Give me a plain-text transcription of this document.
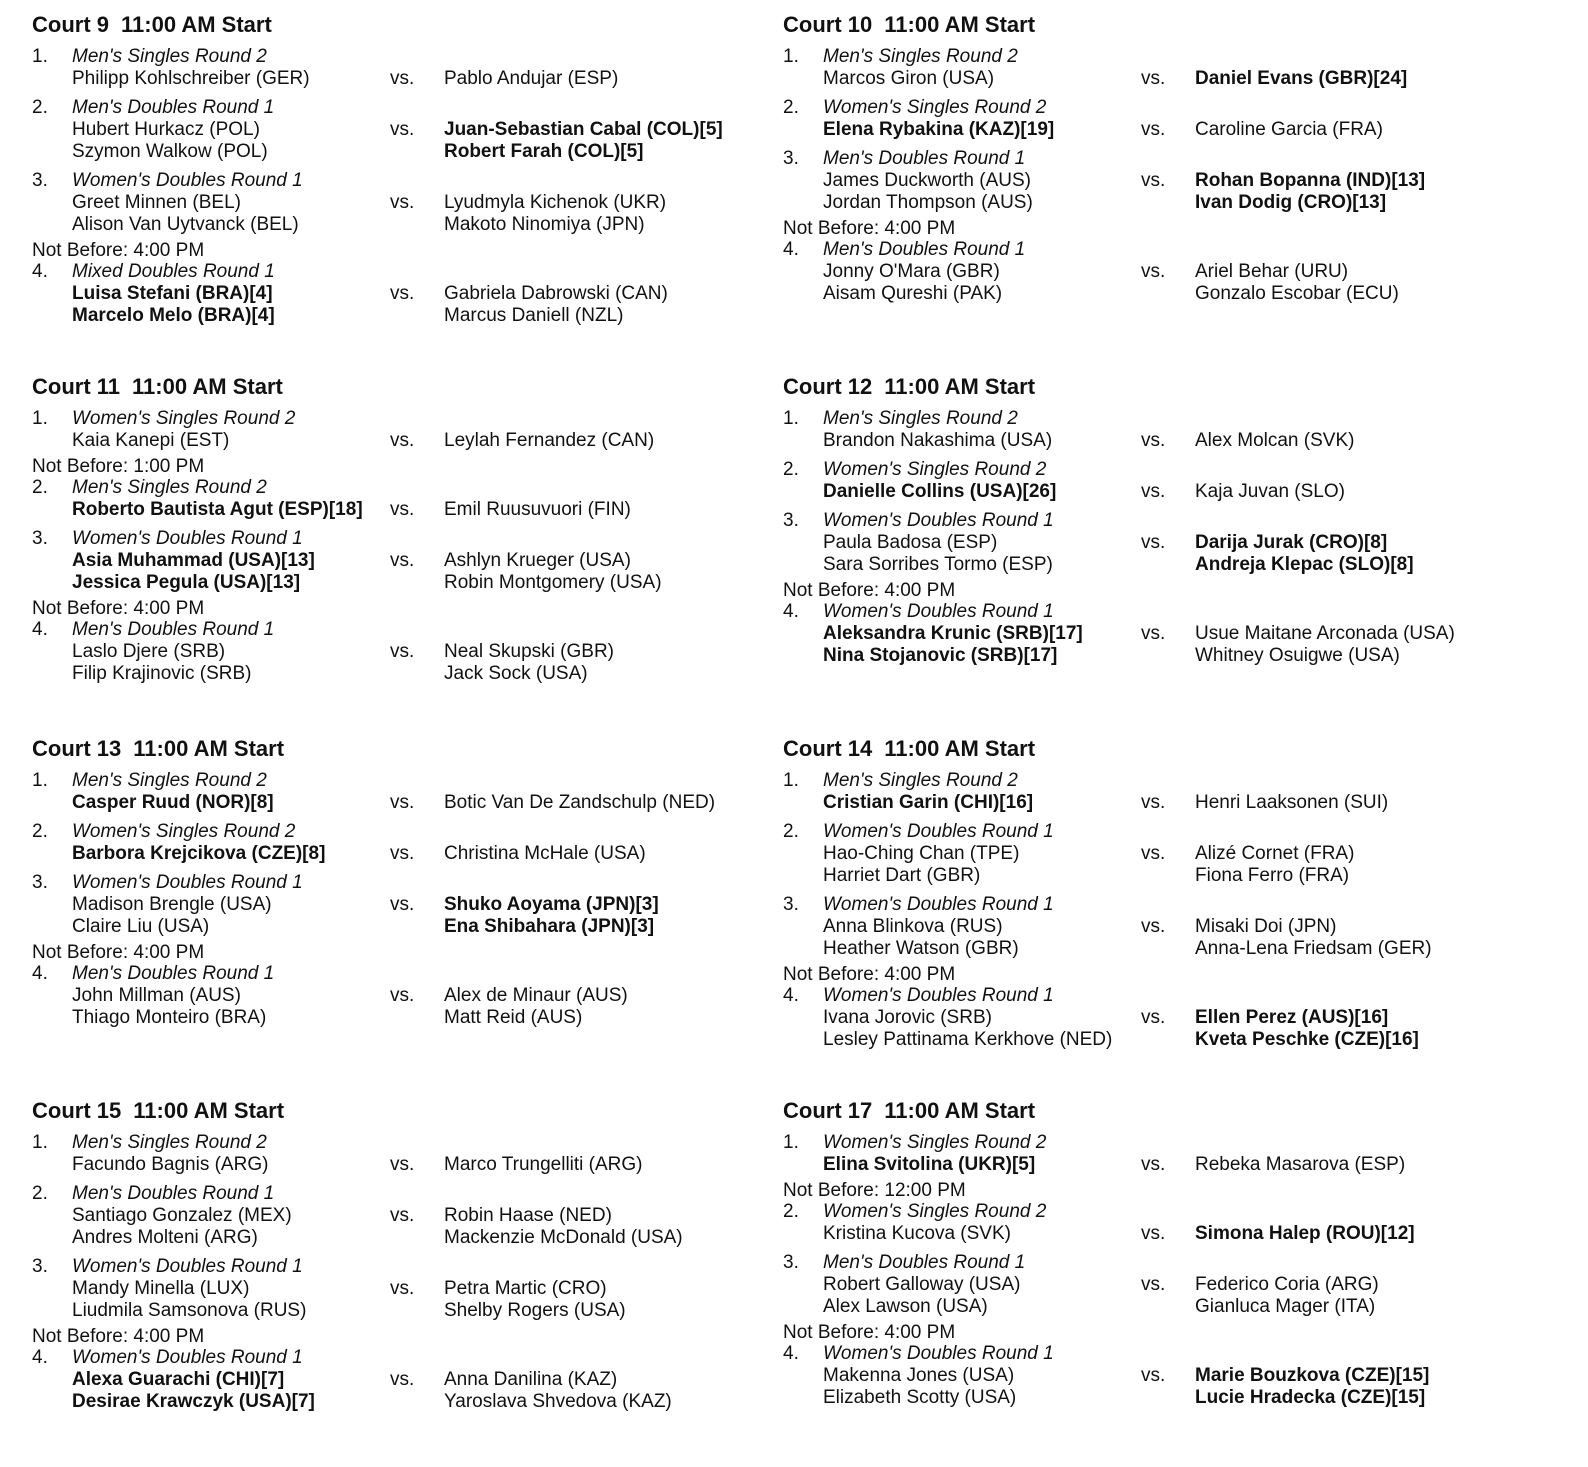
Court 9 11:00 AM Start
1. Men's Singles Round 2
Philipp Kohlschreiber (GER)	vs. Pablo Andujar (ESP)
2. Men's Doubles Round 1
Hubert Hurkacz (POL)
Szymon Walkow (POL)
vs. Juan-Sebastian Cabal (COL)[5]
Robert Farah (COL)[5]
3. Women's Doubles Round 1
Greet Minnen (BEL)
Alison Van Uytvanck (BEL)
vs. Lyudmyla Kichenok (UKR)
Makoto Ninomiya (JPN)
Not Before: 4:00 PM
4. Mixed Doubles Round 1
Luisa Stefani (BRA)[4]
Marcelo Melo (BRA)[4]
vs. Gabriela Dabrowski (CAN)
Marcus Daniell (NZL)
Court 10 11:00 AM Start
1. Men's Singles Round 2
Marcos Giron (USA)	vs. Daniel Evans (GBR)[24]
2. Women's Singles Round 2
Elena Rybakina (KAZ)[19]	vs. Caroline Garcia (FRA)
3. Men's Doubles Round 1
James Duckworth (AUS)
Jordan Thompson (AUS)
vs. Rohan Bopanna (IND)[13]
Ivan Dodig (CRO)[13]
Not Before: 4:00 PM
4. Men's Doubles Round 1
Jonny O'Mara (GBR)
Aisam Qureshi (PAK)
vs. Ariel Behar (URU)
Gonzalo Escobar (ECU)
Court 11 11:00 AM Start
1. Women's Singles Round 2
Kaia Kanepi (EST)	vs. Leylah Fernandez (CAN)
Not Before: 1:00 PM
2. Men's Singles Round 2
Roberto Bautista Agut (ESP)[18] vs. Emil Ruusuvuori (FIN)
3. Women's Doubles Round 1
Asia Muhammad (USA)[13]
Jessica Pegula (USA)[13]
vs. Ashlyn Krueger (USA)
Robin Montgomery (USA)
Not Before: 4:00 PM
4. Men's Doubles Round 1
Laslo Djere (SRB)
Filip Krajinovic (SRB)
vs. Neal Skupski (GBR)
Jack Sock (USA)
Court 12 11:00 AM Start
1. Men's Singles Round 2
Brandon Nakashima (USA)	vs. Alex Molcan (SVK)
2. Women's Singles Round 2
Danielle Collins (USA)[26]	vs. Kaja Juvan (SLO)
3. Women's Doubles Round 1
Paula Badosa (ESP)
Sara Sorribes Tormo (ESP)
vs. Darija Jurak (CRO)[8]
Andreja Klepac (SLO)[8]
Not Before: 4:00 PM
4. Women's Doubles Round 1
Aleksandra Krunic (SRB)[17]
Nina Stojanovic (SRB)[17]
vs. Usue Maitane Arconada (USA)
Whitney Osuigwe (USA)
Court 13 11:00 AM Start
1. Men's Singles Round 2
Casper Ruud (NOR)[8]	vs. Botic Van De Zandschulp (NED)
2. Women's Singles Round 2
Barbora Krejcikova (CZE)[8]	vs. Christina McHale (USA)
3. Women's Doubles Round 1
Madison Brengle (USA)
Claire Liu (USA)
vs. Shuko Aoyama (JPN)[3]
Ena Shibahara (JPN)[3]
Not Before: 4:00 PM
4. Men's Doubles Round 1
John Millman (AUS)
Thiago Monteiro (BRA)
vs. Alex de Minaur (AUS)
Matt Reid (AUS)
Court 14 11:00 AM Start
1. Men's Singles Round 2
Cristian Garin (CHI)[16]	vs. Henri Laaksonen (SUI)
2. Women's Doubles Round 1
Hao-Ching Chan (TPE)
Harriet Dart (GBR)
vs. Alizé Cornet (FRA)
Fiona Ferro (FRA)
3. Women's Doubles Round 1
Anna Blinkova (RUS)
Heather Watson (GBR)
vs. Misaki Doi (JPN)
Anna-Lena Friedsam (GER)
Not Before: 4:00 PM
4. Women's Doubles Round 1
Ivana Jorovic (SRB)
Lesley Pattinama Kerkhove (NED)
vs. Ellen Perez (AUS)[16]
Kveta Peschke (CZE)[16]
Court 15 11:00 AM Start
1. Men's Singles Round 2
Facundo Bagnis (ARG)	vs. Marco Trungelliti (ARG)
2. Men's Doubles Round 1
Santiago Gonzalez (MEX)
Andres Molteni (ARG)
vs. Robin Haase (NED)
Mackenzie McDonald (USA)
3. Women's Doubles Round 1
Mandy Minella (LUX)
Liudmila Samsonova (RUS)
vs. Petra Martic (CRO)
Shelby Rogers (USA)
Not Before: 4:00 PM
4. Women's Doubles Round 1
Alexa Guarachi (CHI)[7]
Desirae Krawczyk (USA)[7]
vs. Anna Danilina (KAZ)
Yaroslava Shvedova (KAZ)
Court 17 11:00 AM Start
1. Women's Singles Round 2
Elina Svitolina (UKR)[5]	vs. Rebeka Masarova (ESP)
Not Before: 12:00 PM
2. Women's Singles Round 2
Kristina Kucova (SVK)	vs. Simona Halep (ROU)[12]
3. Men's Doubles Round 1
Robert Galloway (USA)
Alex Lawson (USA)
vs. Federico Coria (ARG)
Gianluca Mager (ITA)
Not Before: 4:00 PM
4. Women's Doubles Round 1
Makenna Jones (USA)
Elizabeth Scotty (USA)
vs. Marie Bouzkova (CZE)[15]
Lucie Hradecka (CZE)[15]
